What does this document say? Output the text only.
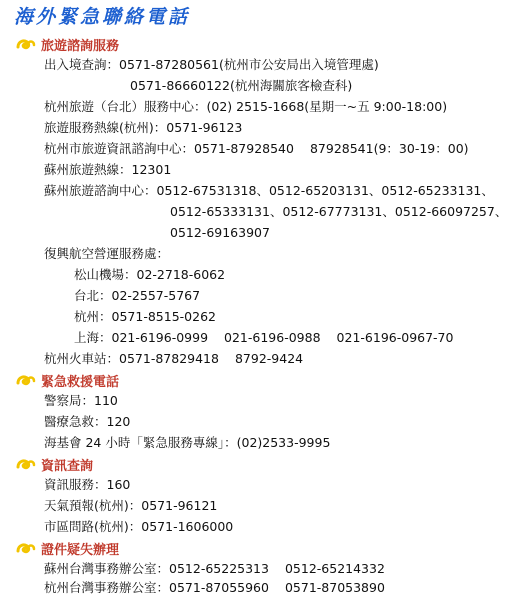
海外緊急聯絡電話
旅遊諮詢服務
出入境查詢：0571-87280561(杭州市公安局出入境管理處)
0571-86660122(杭州海關旅客檢查科)
杭州旅遊（台北）服務中心：(02) 2515-1668(星期一~五 9:00-18:00)
旅遊服務熱線(杭州)：0571-96123
杭州市旅遊資訊諮詢中心：0571-87928540 87928541(9：30-19：00)
蘇州旅遊熱線：12301
蘇州旅遊諮詢中心：0512-67531318、0512-65203131、0512-65233131、
0512-65333131、0512-67773131、0512-66097257、
0512-69163907
復興航空營運服務處：
松山機場：02-2718-6062
台北：02-2557-5767
杭州：0571-8515-0262
上海：021-6196-0999 021-6196-0988 021-6196-0967-70
杭州火車站：0571-87829418 8792-9424
緊急救援電話
警察局：110
醫療急救：120
海基會 24 小時「緊急服務專線」：(02)2533-9995
資訊查詢
資訊服務：160
天氣預報(杭州)：0571-96121
市區問路(杭州)：0571-1606000
證件疑失辦理
蘇州台灣事務辦公室：0512-65225313 0512-65214332
杭州台灣事務辦公室：0571-87055960 0571-87053890
